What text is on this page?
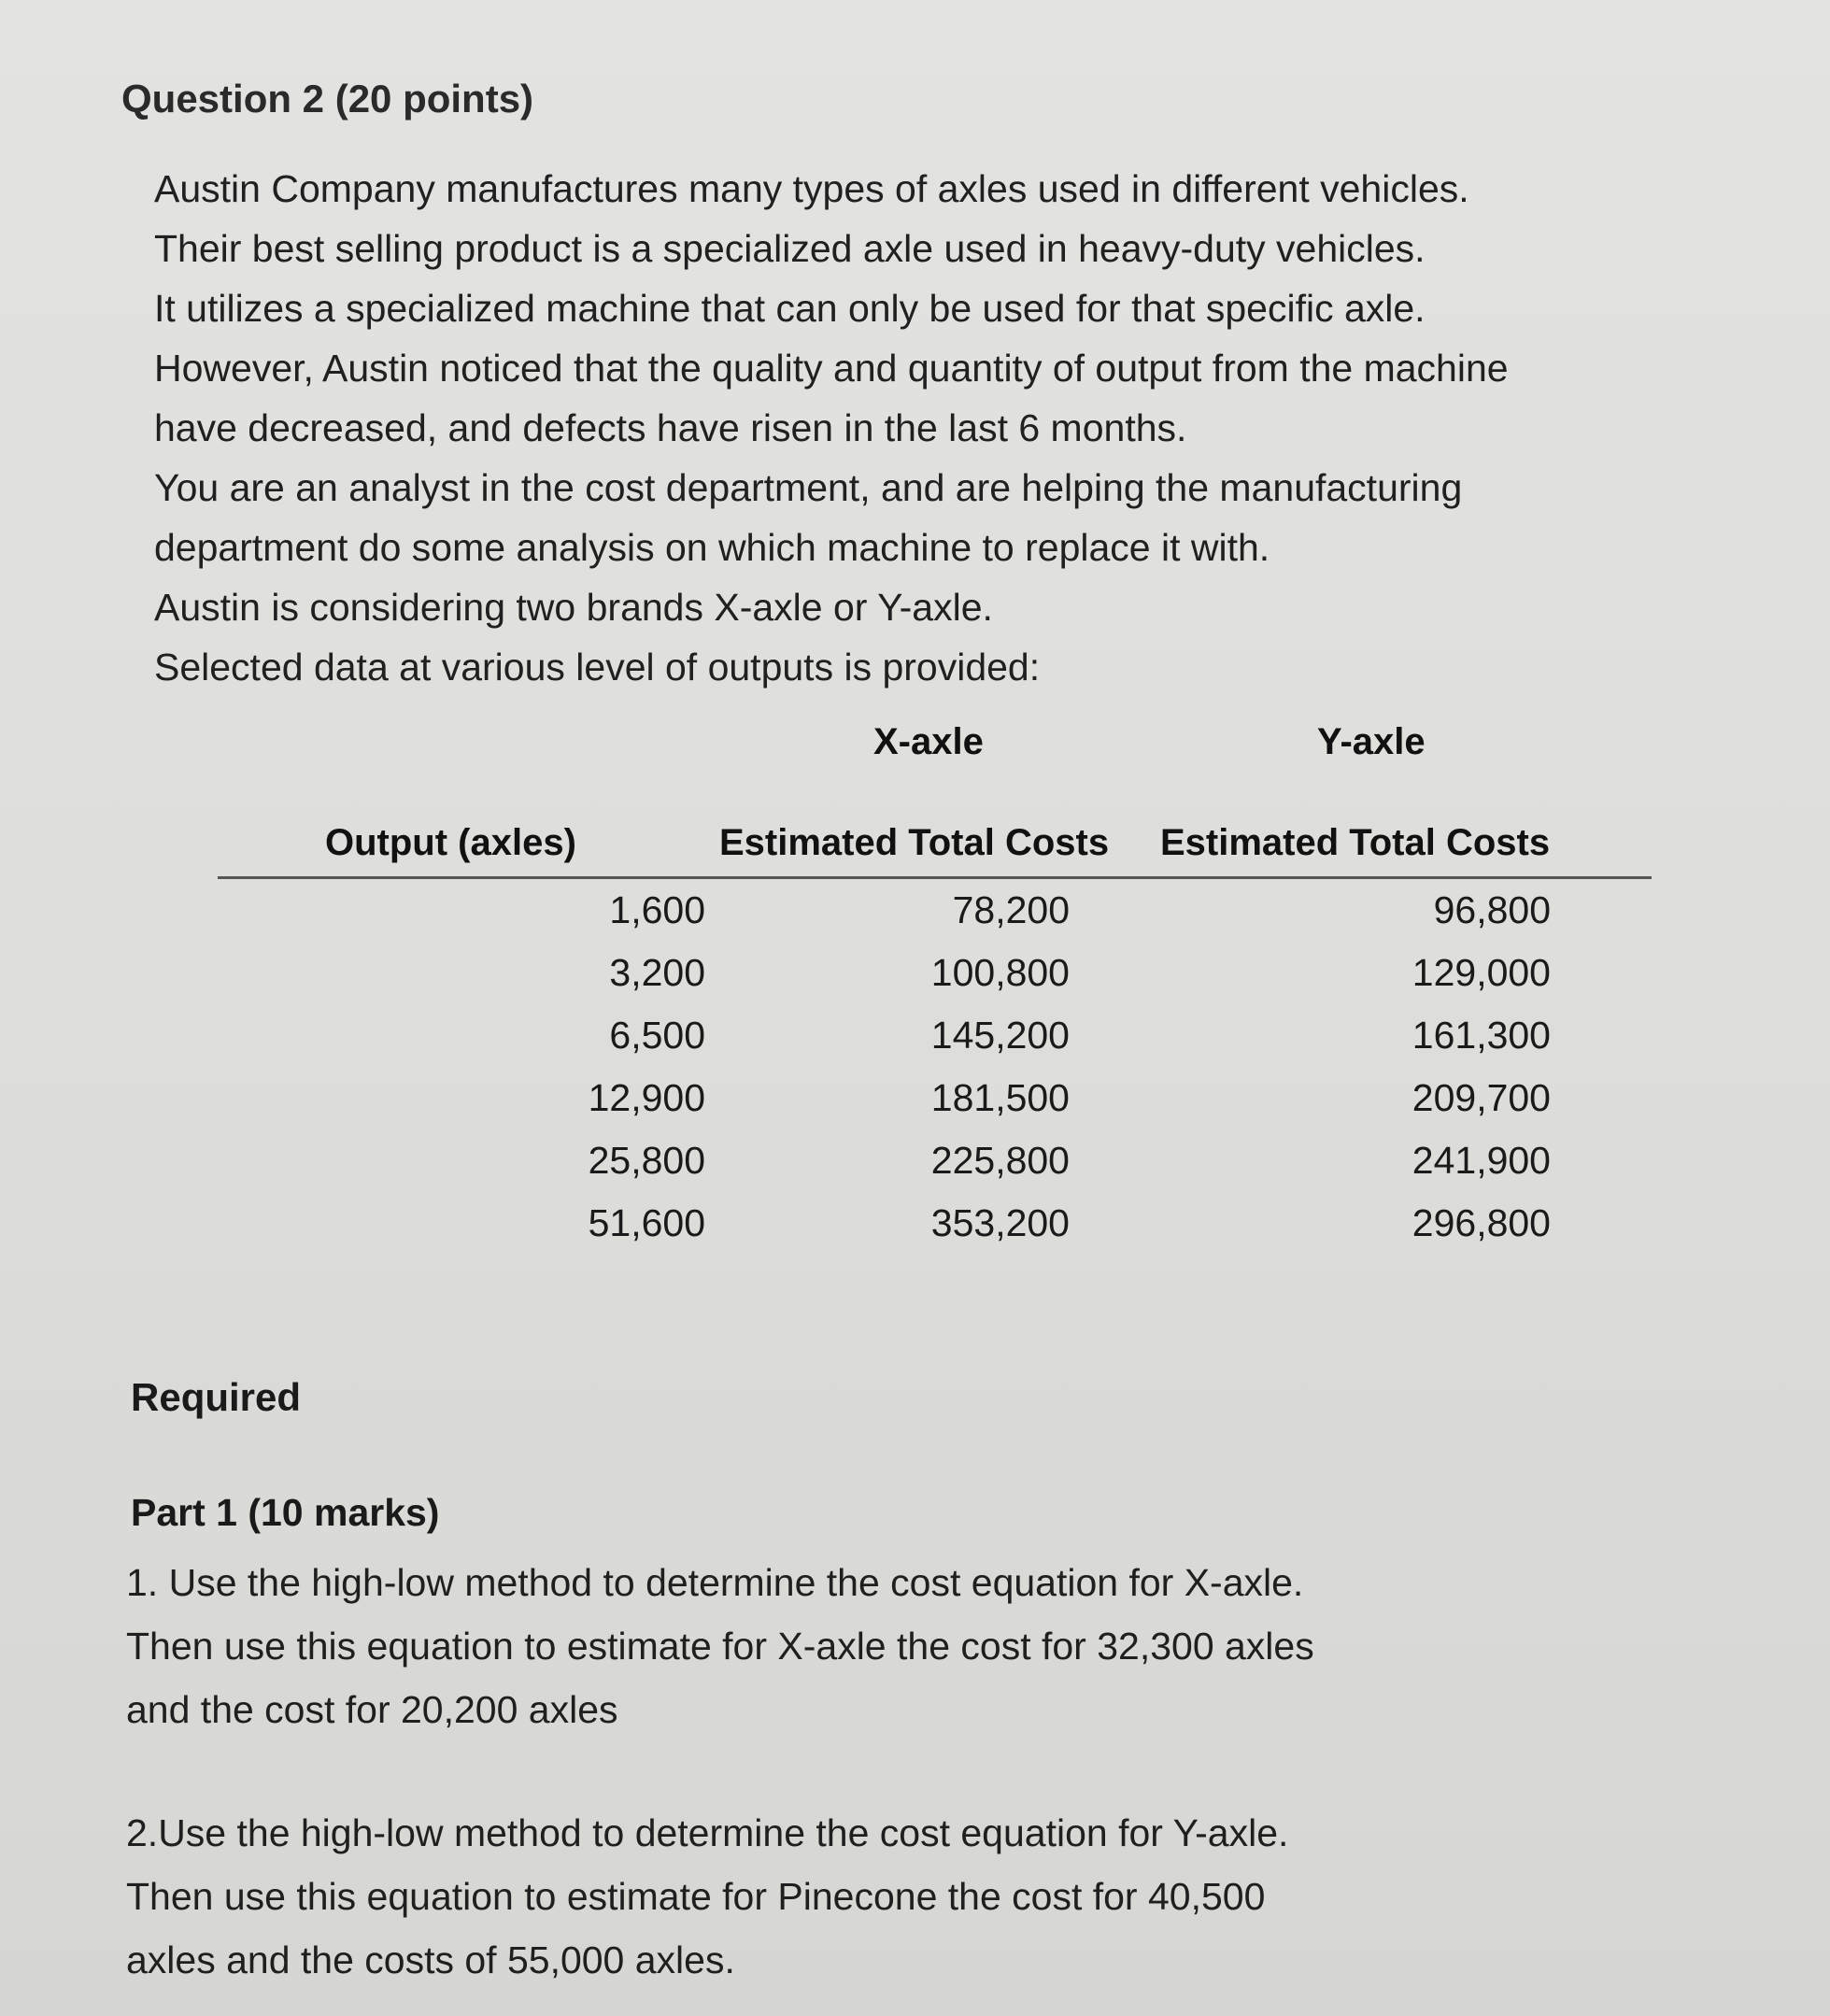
Question 2 (20 points)
Austin Company manufactures many types of axles used in different vehicles.
Their best selling product is a specialized axle used in heavy-duty vehicles.
It utilizes a specialized machine that can only be used for that specific axle.
However, Austin noticed that the quality and quantity of output from the machine
have decreased, and defects have risen in the last 6 months.
You are an analyst in the cost department, and are helping the manufacturing
department do some analysis on which machine to replace it with.
Austin is considering two brands X-axle or Y-axle.
Selected data at various level of outputs is provided:
X-axle	Y-axle
Output (axles)	Estimated Total Costs Estimated Total Costs
1,600	78,200	96,800
3,200	100,800	129,000
6,500	145,200	161,300
12,900	181,500	209,700
25,800	225,800	241,900
51,600	353,200	296,800
Required
Part 1 (10 marks)
1. Use the high-low method to determine the cost equation for X-axle.
Then use this equation to estimate for X-axle the cost for 32,300 axles
and the cost for 20,200 axles
2.Use the high-low method to determine the cost equation for Y-axle.
Then use this equation to estimate for Pinecone the cost for 40,500
axles and the costs of 55,000 axles.
